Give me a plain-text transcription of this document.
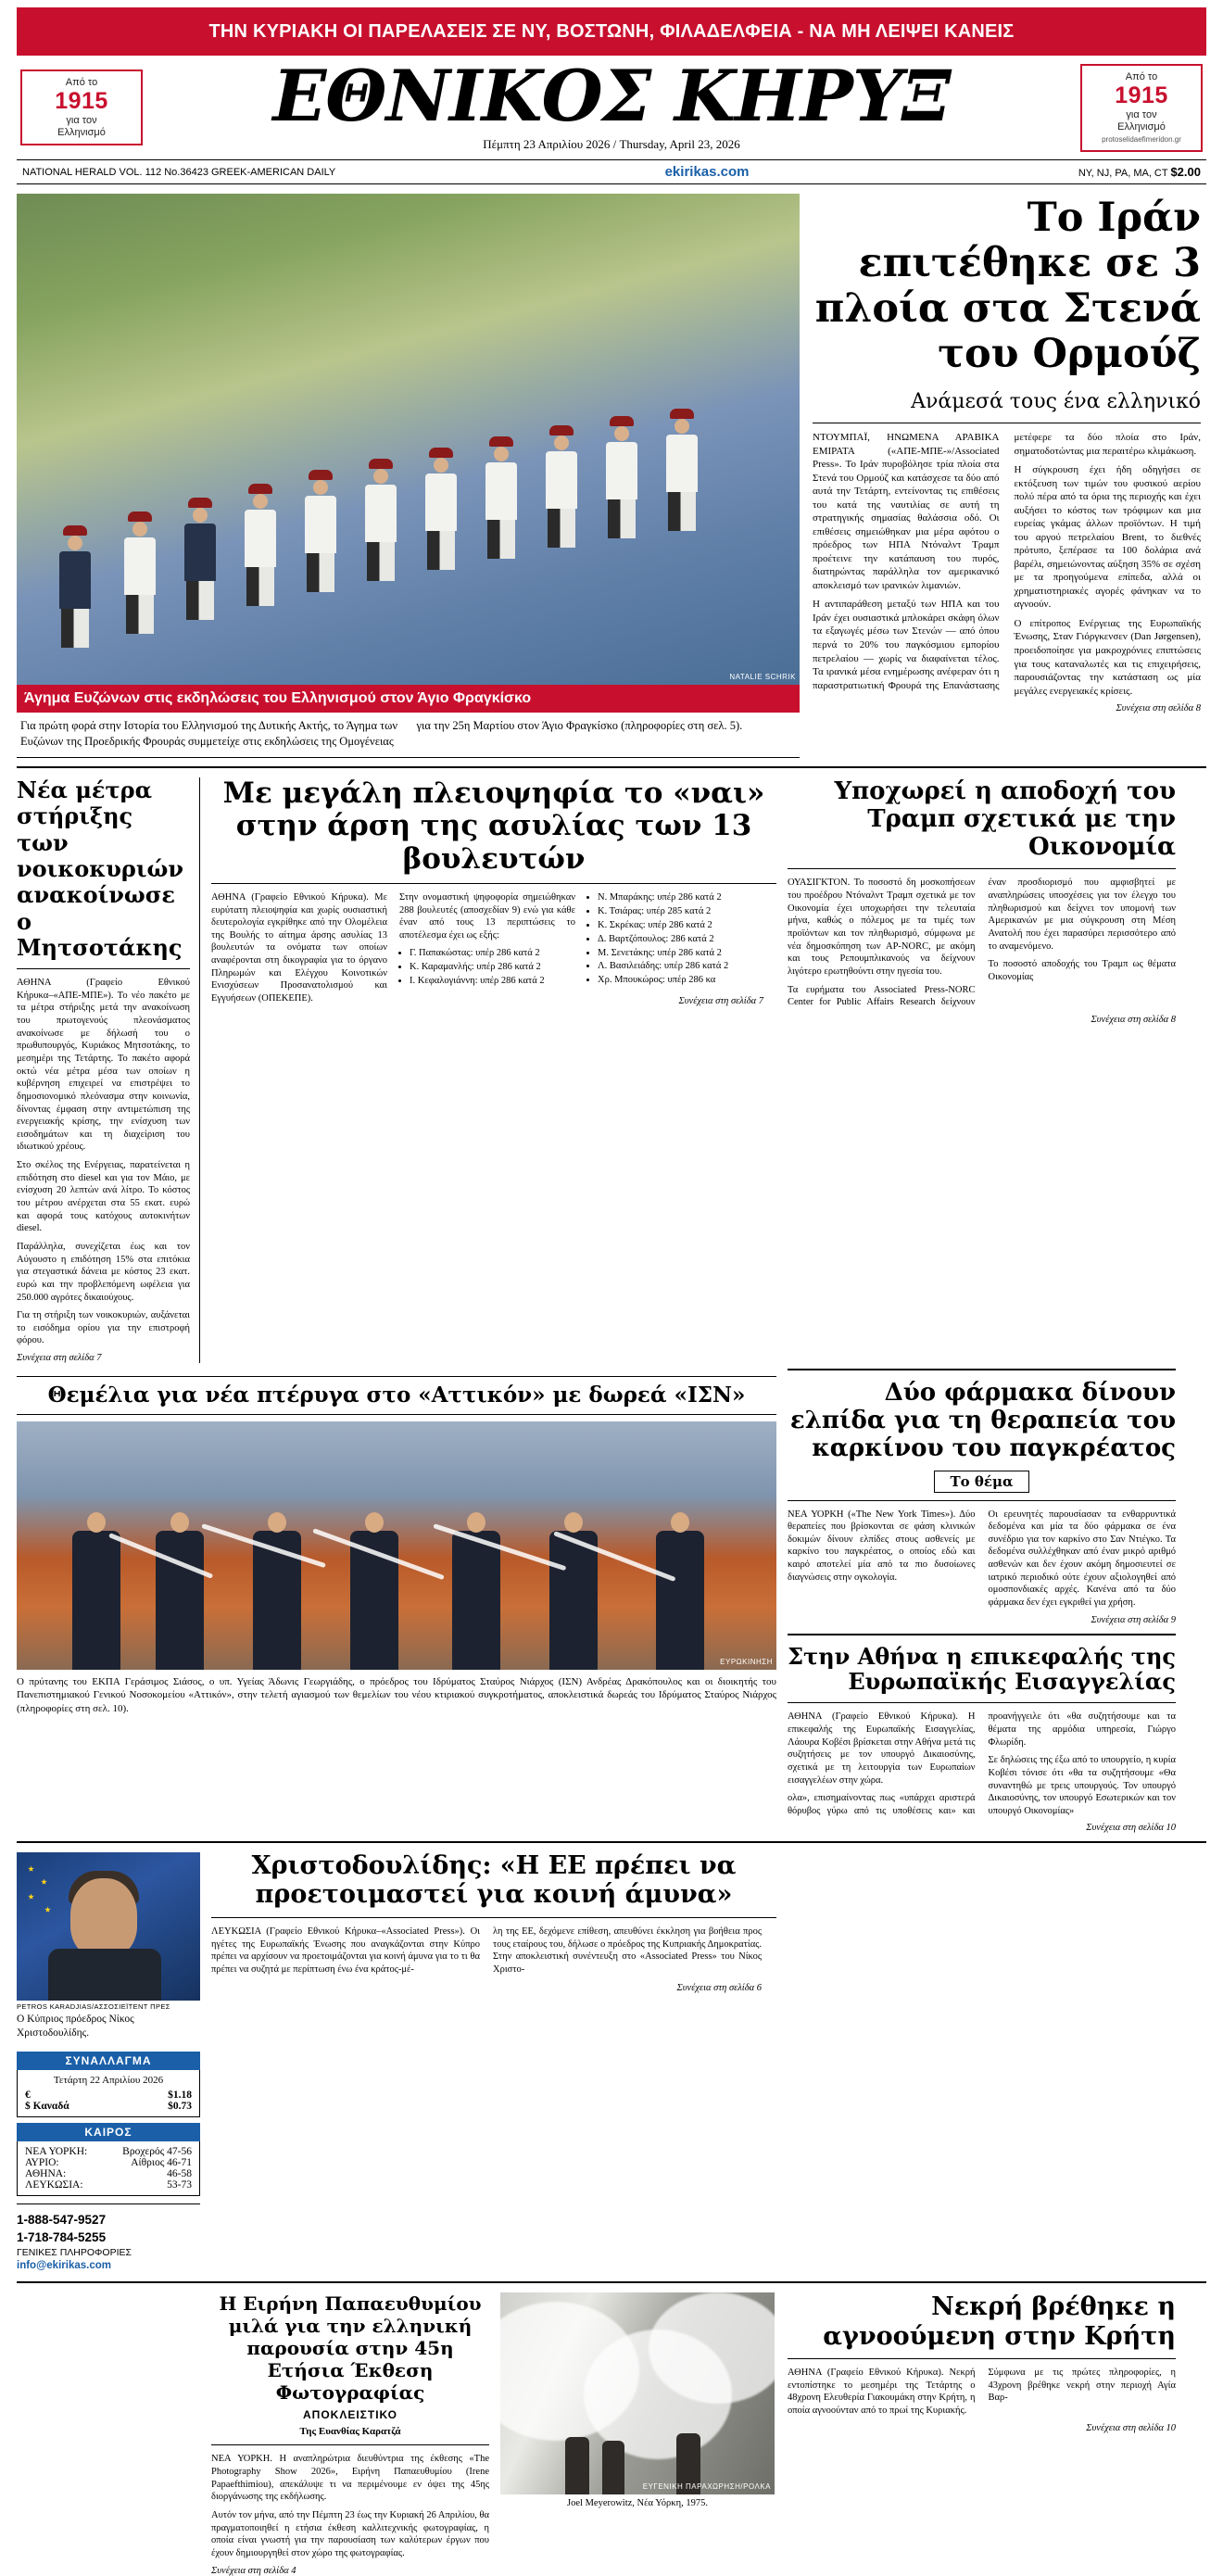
ΤΗΝ ΚΥΡΙΑΚΗ ΟΙ ΠΑΡΕΛΑΣΕΙΣ ΣΕ ΝΥ, ΒΟΣΤΩΝΗ, ΦΙΛΑΔΕΛΦΕΙΑ - ΝΑ ΜΗ ΛΕΙΨΕΙ ΚΑΝΕΙΣ
Από το
1915
για τον
Ελληνισμό	ΕΘΝΙΚΟΣ ΚΗΡΥΞ
Πέμπτη 23 Απριλίου 2026 / Thursday, April 23, 2026
Από το
1915
για τον
Ελληνισμό
protoselidaefimeridon.gr
NATIONAL HERALD VOL. 112 No.36423 GREEK-AMERICAN DAILY	ekirikas.com	NY, NJ, PA, MA, CT $2.00
NATALIE SCHRIK
Άγημα Ευζώνων στις εκδηλώσεις του Ελληνισμού στον Άγιο Φραγκίσκο
Για πρώτη φορά στην Ιστορία του Ελληνισμού της Δυτικής Ακτής, το Άγημα των Ευζώνων της Προεδρικής Φρουράς συμμετείχε στις εκδηλώσεις της Ομογένειας για την 25η Μαρτίου στον Άγιο Φραγκίσκο (πληροφορίες στη σελ. 5).
Το Ιράν επιτέθηκε σε 3 πλοία στα Στενά του Ορμούζ
Ανάμεσά τους ένα ελληνικό

ΝΤΟΥΜΠΑΪ, ΗΝΩΜΕΝΑ ΑΡΑΒΙΚΑ ΕΜΙΡΑΤΑ («ΑΠΕ-ΜΠΕ-»/Associated Press». Το Ιράν πυροβόλησε τρία πλοία στα Στενά του Ορμούζ και κατάσχεσε τα δύο από αυτά την Τετάρτη, εντείνοντας τις επιθέσεις του κατά της ναυτιλίας σε αυτή τη στρατηγικής σημασίας θαλάσσια οδό. Οι επιθέσεις σημειώθηκαν μια μέρα αφότου ο πρόεδρος των ΗΠΑ Ντόναλντ Τραμπ προέτεινε την κατάπαυση του πυρός, διατηρώντας παράλληλα τον αμερικανικό αποκλεισμό των ιρανικών λιμανιών.

Η αντιπαράθεση μεταξύ των ΗΠΑ και του Ιράν έχει ουσιαστικά μπλοκάρει σκάφη όλων τα εξαγωγές μέσω των Στενών — από όπου περνά το 20% του παγκόσμιου εμπορίου πετρελαίου — χωρίς να διαφαίνεται τέλος. Τα ιρανικά μέσα ενημέρωσης ανέφεραν ότι η παραστρατιωτική Φρουρά της Επανάστασης μετέφερε τα δύο πλοία στο Ιράν, σηματοδοτώντας μια περαιτέρω κλιμάκωση.

Η σύγκρουση έχει ήδη οδηγήσει σε εκτόξευση των τιμών του φυσικού αερίου πολύ πέρα από τα όρια της περιοχής και έχει αυξήσει το κόστος των τρόφιμων και μια ευρείας γκάμας άλλων προϊόντων. Η τιμή του αργού πετρελαίου Brent, το διεθνές πρότυπο, ξεπέρασε τα 100 δολάρια ανά βαρέλι, σημειώνοντας αύξηση 35% σε σχέση με τα προηγούμενα επίπεδα, αλλά οι χρηματιστηριακές αγορές φάνηκαν να το αγνοούν.

Ο επίτροπος Ενέργειας της Ευρωπαϊκής Ένωσης, Σταν Γιόργκενσεν (Dan Jørgensen), προειδοποίησε για μακροχρόνιες επιπτώσεις για τους καταναλωτές και τις επιχειρήσεις, παρουσιάζοντας την κατάσταση ως μία μεγάλες ενεργειακές κρίσεις.

Συνέχεια στη σελίδα 8
Νέα μέτρα στήριξης των νοικοκυριών ανακοίνωσε ο Μητσοτάκης

ΑΘΗΝΑ (Γραφείο Εθνικού Κήρυκα–«ΑΠΕ-ΜΠΕ»). Το νέο πακέτο με τα μέτρα στήριξης μετά την ανακοίνωση του πρωτογενούς πλεονάσματος ανακοίνωσε με δήλωσή του ο πρωθυπουργός, Κυριάκος Μητσοτάκης, το μεσημέρι της Τετάρτης. Το πακέτο αφορά οκτώ νέα μέτρα μέσα των οποίων η κυβέρνηση επιχειρεί να επιστρέψει το δημοσιονομικό πλεόνασμα στην κοινωνία, δίνοντας έμφαση στην αντιμετώπιση της ενεργειακής κρίσης, την ενίσχυση των εισοδημάτων και τη διαχείριση του ιδιωτικού χρέους.

Στο σκέλος της Ενέργειας, παρατείνεται η επιδότηση στο diesel και για τον Μάιο, με ενίσχυση 20 λεπτών ανά λίτρο. Το κόστος του μέτρου ανέρχεται στα 55 εκατ. ευρώ και αφορά τους κατόχους αυτοκινήτων diesel.

Παράλληλα, συνεχίζεται έως και τον Αύγουστο η επιδότηση 15% στα επιτόκια για στεγαστικά δάνεια με κόστος 23 εκατ. ευρώ και την προβλεπόμενη ωφέλεια για 250.000 αγρότες δικαιούχους.

Για τη στήριξη των νοικοκυριών, αυξάνεται το εισόδημα ορίου για την επιστροφή φόρου.

Συνέχεια στη σελίδα 7
Με μεγάλη πλειοψηφία το «ναι» στην άρση της ασυλίας των 13 βουλευτών

ΑΘΗΝΑ (Γραφείο Εθνικού Κήρυκα). Με ευρύτατη πλειοψηφία και χωρίς ουσιαστική δευτερολογία εγκρίθηκε από την Ολομέλεια της Βουλής το αίτημα άρσης ασυλίας 13 βουλευτών τα ονόματα των οποίων αναφέρονται στη δικογραφία για το όργανο Πληρωμών και Ελέγχου Κοινοτικών Ενισχύσεων Προσανατολισμού και Εγγυήσεων (ΟΠΕΚΕΠΕ).

Στην ονομαστική ψηφοφορία σημειώθηκαν 288 βουλευτές (αποσχεδίαν 9) ενώ για κάθε έναν από τους 13 περιπτώσεις το αποτέλεσμα έχει ως εξής:

• Γ. Παπακώστας: υπέρ 286 κατά 2
• Κ. Καραμανλής: υπέρ 286 κατά 2
• Ι. Κεφαλογιάννη: υπέρ 286 κατά 2
• Ν. Μπαράκης: υπέρ 286 κατά 2
• Κ. Τσιάρας: υπέρ 285 κατά 2
• Κ. Σκρέκας: υπέρ 286 κατά 2
• Δ. Βαρτζόπουλος: 286 κατά 2
• Μ. Σενετάκης: υπέρ 286 κατά 2
• Λ. Βασιλειάδης: υπέρ 286 κατά 2
• Χρ. Μπουκώρος: υπέρ 286 κα
Συνέχεια στη σελίδα 7
Υποχωρεί η αποδοχή του Τραμπ σχετικά με την Οικονομία

ΟΥΑΣΙΓΚΤΟΝ. Το ποσοστό δη μοσκοπήσεων του προέδρου Ντόναλντ Τραμπ σχετικά με τον Οικονομία έχει υποχωρήσει την τελευταία μήνα, καθώς ο πόλεμος με τα τιμές των προϊόντων και τον πληθωρισμό, σύμφωνα με νέα δημοσκόπηση των AP-NORC, με ακόμη και τους Ρεπουμπλικανούς να δείχνουν λιγότερο ερωτηθούντι στην ηγεσία του.

Τα ευρήματα του Associated Press-NORC Center for Public Affairs Research δείχνουν έναν προσδιορισμό που αμφισβητεί με αναπληρώσεις υποσχέσεις για τον έλεγχο του πληθωρισμού και δείχνει τον υπομονή των Αμερικανών με μια σύγκρουση στη Μέση Ανατολή που έχει παρασύρει περισσότερο από το αναμενόμενο.

Το ποσοστό αποδοχής του Τραμπ ως θέματα Οικονομίας

Συνέχεια στη σελίδα 8
Θεμέλια για νέα πτέρυγα στο «Αττικόν» με δωρεά «ΙΣΝ»
ΕΥΡΩΚΙΝΗΣΗ
Ο πρύτανης του ΕΚΠΑ Γεράσιμος Σιάσος, ο υπ. Υγείας Άδωνις Γεωργιάδης, ο πρόεδρος του Ιδρύματος Σταύρος Νιάρχος (ΙΣΝ) Ανδρέας Δρακόπουλος και οι διοικητής του Πανεπιστημιακού Γενικού Νοσοκομείου «Αττικόν», στην τελετή αγιασμού των θεμελίων του νέου κτιριακού συγκροτήματος, αποκλειστικά δωρεάς του Ιδρύματος Σταύρος Νιάρχος (πληροφορίες στη σελ. 10).
Δύο φάρμακα δίνουν ελπίδα για τη θεραπεία του καρκίνου του παγκρέατος
Το θέμα

ΝΕΑ ΥΟΡΚΗ («The New York Times»). Δύο θεραπείες που βρίσκονται σε φάση κλινικών δοκιμών δίνουν ελπίδες στους ασθενείς με καρκίνο του παγκρέατος, ο οποίος εδώ και καιρό αποτελεί μία από τα πιο δυσοίωνες διαγνώσεις στην ογκολογία.

Οι ερευνητές παρουσίασαν τα ενθαρρυντικά δεδομένα και μία τα δύο φάρμακα σε ένα συνέδριο για τον καρκίνο στο Σαν Ντιέγκο. Τα δεδομένα συλλέχθηκαν από έναν μικρό αριθμό ασθενών και δεν έχουν ακόμη δημοσιευτεί σε ιατρικό περιοδικό ούτε έχουν αξιολογηθεί από ομοσπονδιακές αρχές. Κανένα από τα δύο φάρμακα δεν έχει εγκριθεί για χρήση.

Συνέχεια στη σελίδα 9
Στην Αθήνα η επικεφαλής της Ευρωπαϊκής Εισαγγελίας

ΑΘΗΝΑ (Γραφείο Εθνικού Κήρυκα). Η επικεφαλής της Ευρωπαϊκής Εισαγγελίας, Λάουρα Κοβέσι βρίσκεται στην Αθήνα μετά τις συζητήσεις με τον υπουργό Δικαιοσύνης, σχετικά με τη λειτουργία των Ευρωπαίων εισαγγελέων στην χώρα.

ολα», επισημαίνοντας πως «υπάρχει αριστερά θόρυβος γύρω από τις υποθέσεις και» και προανήγγειλε ότι «θα συζητήσουμε και τα θέματα της αρμόδια υπηρεσία, Γιώργο Φλωρίδη.

Σε δηλώσεις της έξω από το υπουργείο, η κυρία Κοβέσι τόνισε ότι «θα τα συζητήσουμε «Θα συναντηθώ με τρεις υπουργούς. Τον υπουργό Δικαιοσύνης, τον υπουργό Εσωτερικών και τον υπουργό Οικονομίας»

Συνέχεια στη σελίδα 10
PETROS KARADJIAS/ΑΣΣΟΣΙΕΪΤΕΝΤ ΠΡΕΣ
Ο Κύπριος πρόεδρος Νίκος Χριστοδουλίδης.
ΣΥΝΑΛΛΑΓΜΑ
Τετάρτη 22 Απριλίου 2026
€	$1.18
$ Καναδά	$0.73
ΚΑΙΡΟΣ
ΝΕΑ ΥΟΡΚΗ:	Βροχερός 47-56
ΑΥΡΙΟ:	Αίθριος 46-71
ΑΘΗΝΑ:	46-58
ΛΕΥΚΩΣΙΑ:	53-73
1-888-547-9527
1-718-784-5255
ΓΕΝΙΚΕΣ ΠΛΗΡΟΦΟΡΙΕΣ
info@ekirikas.com
Χριστοδουλίδης: «Η ΕΕ πρέπει να προετοιμαστεί για κοινή άμυνα»

ΛΕΥΚΩΣΙΑ (Γραφείο Εθνικού Κήρυκα–«Associated Press»). Οι ηγέτες της Ευρωπαϊκής Ένωσης που αναγκάζονται στην Κύπρο πρέπει να αρχίσουν να προετοιμάζονται για κοινή άμυνα για το τι θα πρέπει να συζητά με περίπτωση ένω ένα κράτος-μέ-

λη της ΕΕ, δεχόμενε επίθεση, απευθύνει έκκληση για βοήθεια προς τους εταίρους του, δήλωσε ο πρόεδρος της Κυπριακής Δημοκρατίας. Στην αποκλειστική συνέντευξη στο «Associated Press» του Νίκος Χριστο-

Συνέχεια στη σελίδα 6
Η Ειρήνη Παπαευθυμίου μιλά για την ελληνική παρουσία στην 45η Ετήσια Έκθεση Φωτογραφίας
ΑΠΟΚΛΕΙΣΤΙΚΟ
Της Ευανθίας Καρατζά

ΝΕΑ ΥΟΡΚΗ. Η αναπληρώτρια διευθύντρια της έκθεσης «The Photography Show 2026», Ειρήνη Παπαευθυμίου (Irene Papaefthimiou), απεκάλυψε τι να περιμένουμε εν όψει της 45ης διοργάνωσης της εκδήλωσης.

Αυτόν τον μήνα, από την Πέμπτη 23 έως την Κυριακή 26 Απριλίου, θα πραγματοποιηθεί η ετήσια έκθεση καλλιτεχνικής φωτογραφίας, η οποία είναι γνωστή για την παρουσίαση των καλύτερων έργων που έχουν δημιουργηθεί στον χώρο της φωτογραφίας.

Συνέχεια στη σελίδα 4
ΕΥΓΕΝΙΚΗ ΠΑΡΑΧΩΡΗΣΗ/ΡΟΛΚΑ
Joel Meyerowitz, Νέα Υόρκη, 1975.
Νεκρή βρέθηκε η αγνοούμενη στην Κρήτη

ΑΘΗΝΑ (Γραφείο Εθνικού Κήρυκα). Νεκρή εντοπίστηκε το μεσημέρι της Τετάρτης ο 48χρονη Ελευθερία Γιακουμάκη στην Κρήτη, η οποία αγνοούνταν από το πρωί της Κυριακής.

Σύμφωνα με τις πρώτες πληροφορίες, η 43χρονη βρέθηκε νεκρή στην περιοχή Αγία Βαρ-

Συνέχεια στη σελίδα 10
